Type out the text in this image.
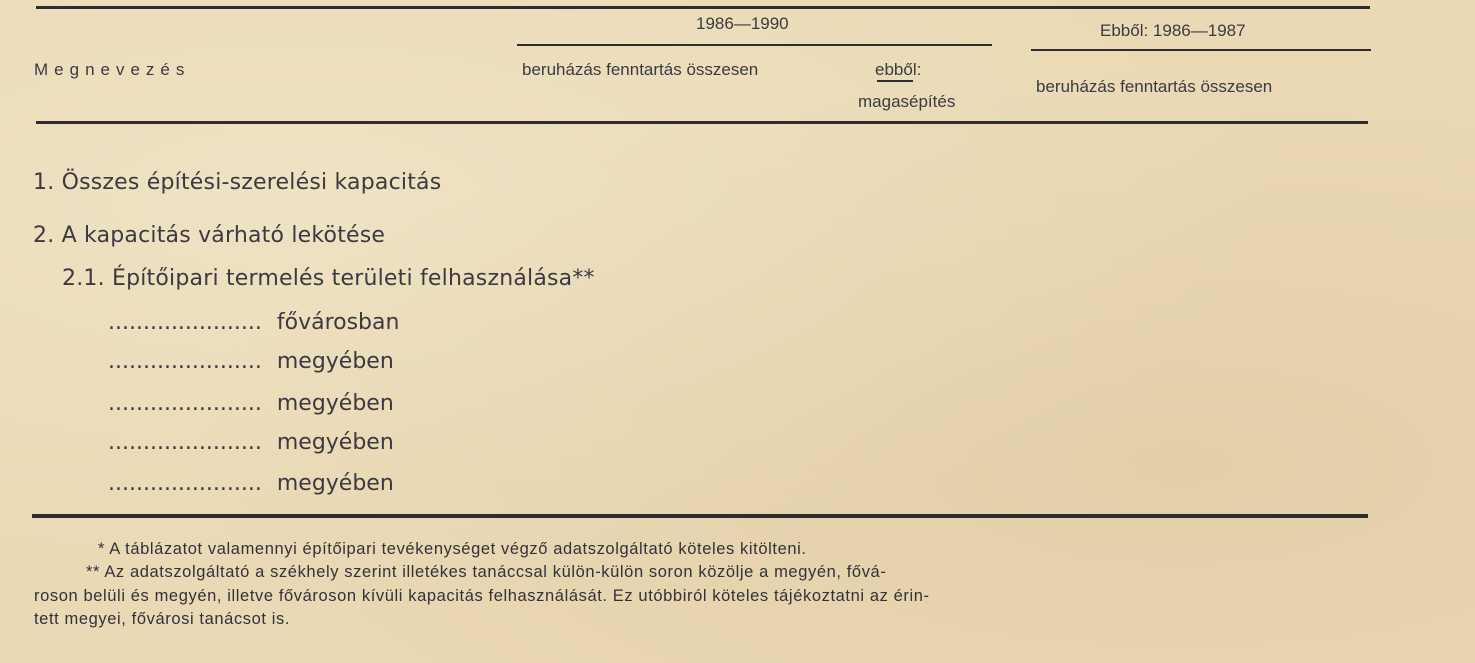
Megnevezés
1986—1990
beruházás fenntartás összesen	ebből:
magasépítés
Ebből: 1986—1987
beruházás fenntartás összesen
1. Összes építési-szerelési kapacitás
2. A kapacitás várható lekötése
2.1. Építőipari termelés területi felhasználása**
...................... fővárosban
...................... megyében
...................... megyében
...................... megyében
...................... megyében
* A táblázatot valamennyi építőipari tevékenységet végző adatszolgáltató köteles kitölteni.
** Az adatszolgáltató a székhely szerint illetékes tanáccsal külön-külön soron közölje a megyén, fővá-
roson belüli és megyén, illetve fővároson kívüli kapacitás felhasználását. Ez utóbbiról köteles tájékoztatni az érin-
tett megyei, fővárosi tanácsot is.
